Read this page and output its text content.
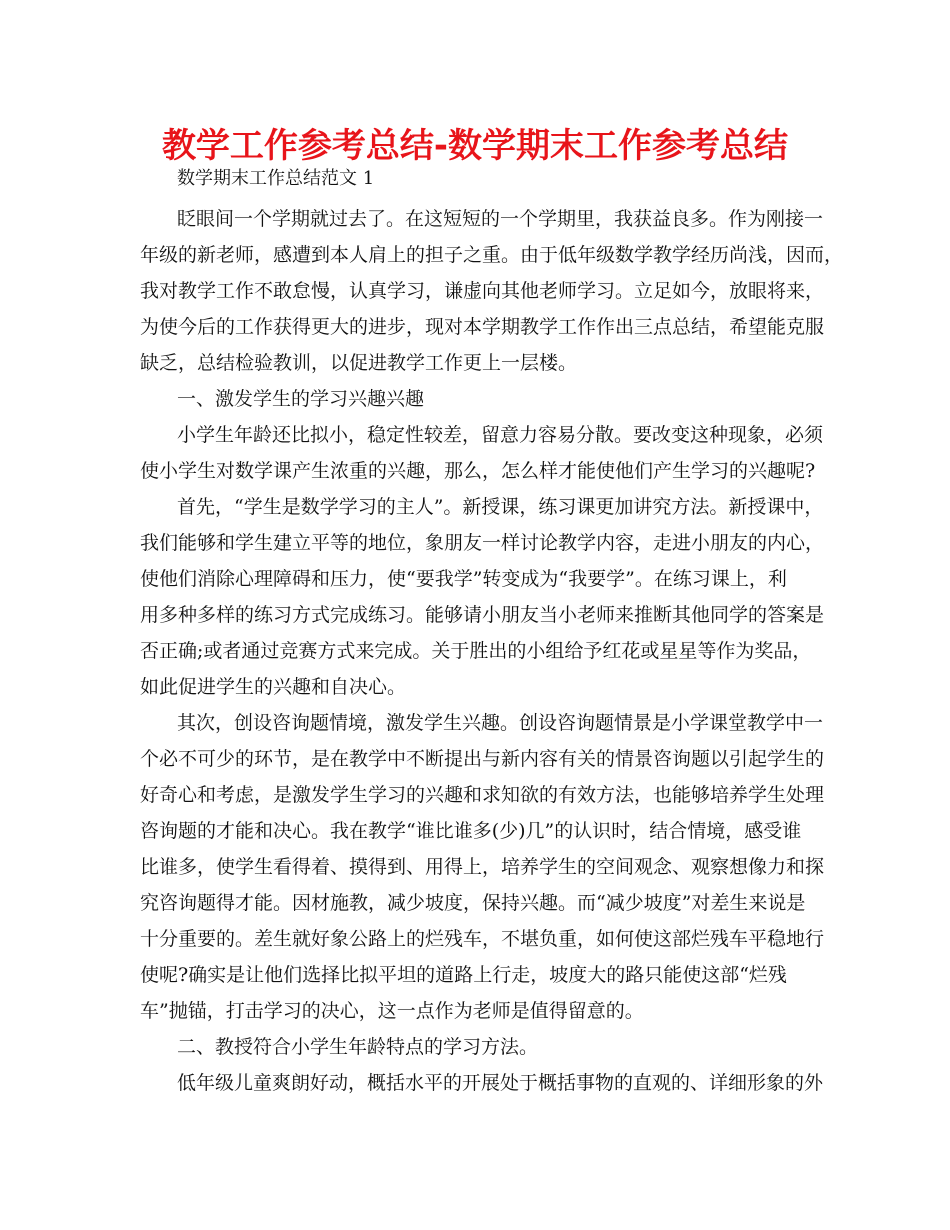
教学工作参考总结-数学期末工作参考总结
数学期末工作总结范文 1
眨眼间一个学期就过去了。在这短短的一个学期里，我获益良多。作为刚接一
年级的新老师，感遭到本人肩上的担子之重。由于低年级数学教学经历尚浅，因而，
我对教学工作不敢怠慢，认真学习，谦虚向其他老师学习。立足如今，放眼将来，
为使今后的工作获得更大的进步，现对本学期教学工作作出三点总结，希望能克服
缺乏，总结检验教训，以促进教学工作更上一层楼。
一、激发学生的学习兴趣兴趣
小学生年龄还比拟小，稳定性较差，留意力容易分散。要改变这种现象，必须
使小学生对数学课产生浓重的兴趣，那么，怎么样才能使他们产生学习的兴趣呢?
首先，“学生是数学学习的主人”。新授课，练习课更加讲究方法。新授课中，
我们能够和学生建立平等的地位，象朋友一样讨论教学内容，走进小朋友的内心，
使他们消除心理障碍和压力，使“要我学”转变成为“我要学”。在练习课上，利
用多种多样的练习方式完成练习。能够请小朋友当小老师来推断其他同学的答案是
否正确;或者通过竞赛方式来完成。关于胜出的小组给予红花或星星等作为奖品，
如此促进学生的兴趣和自决心。
其次，创设咨询题情境，激发学生兴趣。创设咨询题情景是小学课堂教学中一
个必不可少的环节，是在教学中不断提出与新内容有关的情景咨询题以引起学生的
好奇心和考虑，是激发学生学习的兴趣和求知欲的有效方法，也能够培养学生处理
咨询题的才能和决心。我在教学“谁比谁多(少)几”的认识时，结合情境，感受谁
比谁多，使学生看得着、摸得到、用得上，培养学生的空间观念、观察想像力和探
究咨询题得才能。因材施教，减少坡度，保持兴趣。而“减少坡度”对差生来说是
十分重要的。差生就好象公路上的烂残车，不堪负重，如何使这部烂残车平稳地行
使呢?确实是让他们选择比拟平坦的道路上行走，坡度大的路只能使这部“烂残
车”抛锚，打击学习的决心，这一点作为老师是值得留意的。
二、教授符合小学生年龄特点的学习方法。
低年级儿童爽朗好动，概括水平的开展处于概括事物的直观的、详细形象的外
